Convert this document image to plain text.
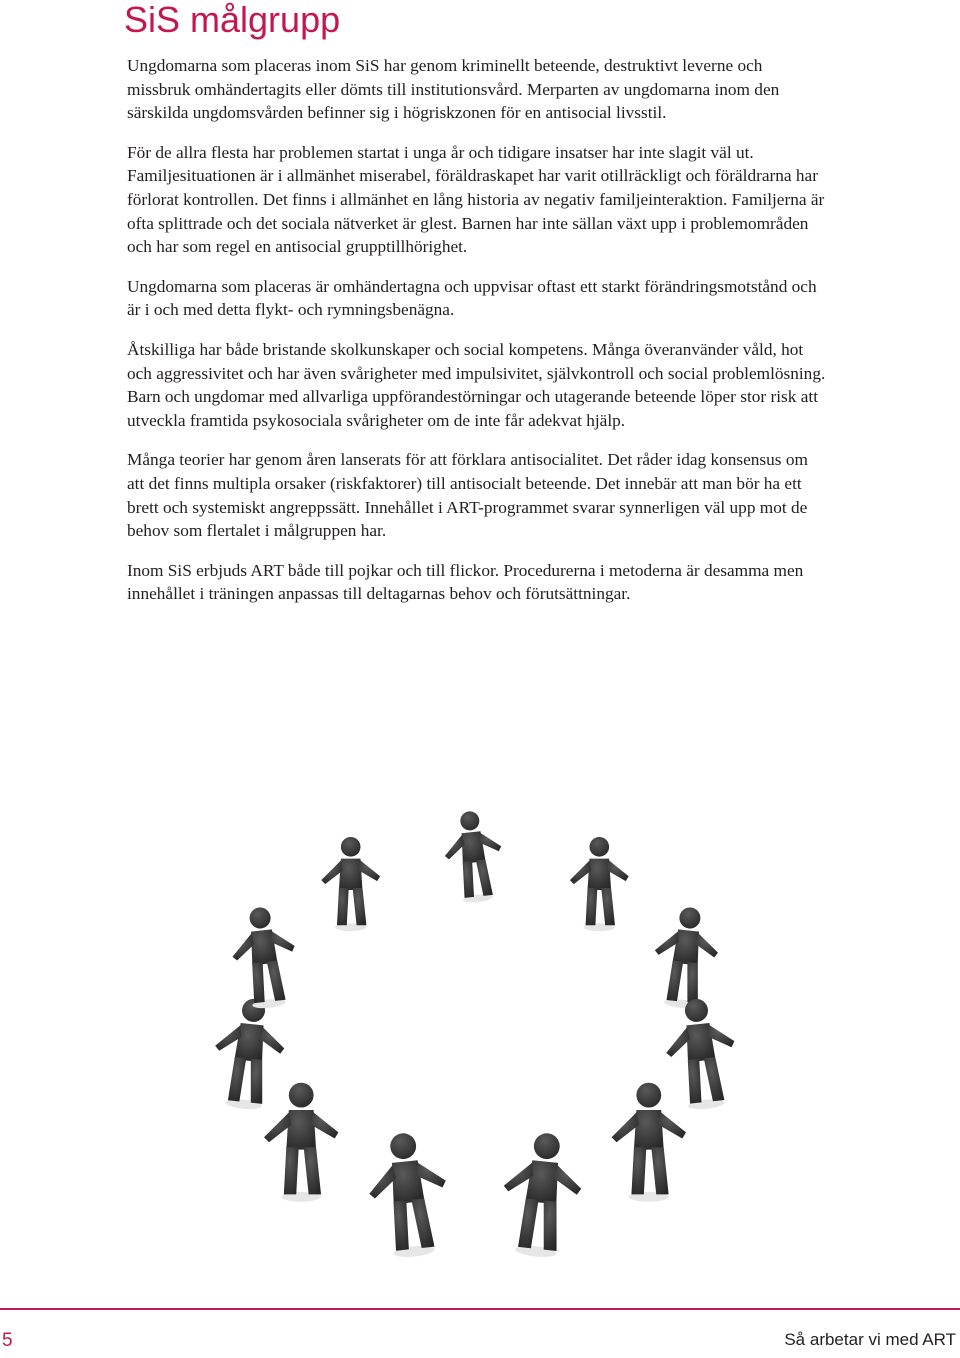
SiS målgrupp

Ungdomarna som placeras inom SiS har genom kriminellt beteende, destruktivt leverne och missbruk omhändertagits eller dömts till institutionsvård. Merparten av ungdomarna inom den särskilda ungdomsvården befinner sig i högriskzonen för en antisocial livsstil.

För de allra flesta har problemen startat i unga år och tidigare insatser har inte slagit väl ut. Familjesituationen är i allmänhet miserabel, föräldraskapet har varit otillräckligt och föräldrarna har förlorat kontrollen. Det finns i allmänhet en lång historia av negativ familjeinteraktion. Familjerna är ofta splittrade och det sociala nätverket är glest. Barnen har inte sällan växt upp i problemområden och har som regel en antisocial grupptillhörighet.

Ungdomarna som placeras är omhändertagna och uppvisar oftast ett starkt förändringsmotstånd och är i och med detta flykt- och rymningsbenägna.

Åtskilliga har både bristande skolkunskaper och social kompetens. Många överanvänder våld, hot och aggressivitet och har även svårigheter med impulsivitet, självkontroll och social problemlösning. Barn och ungdomar med allvarliga uppförandestörningar och utagerande beteende löper stor risk att utveckla framtida psykosociala svårigheter om de inte får adekvat hjälp.

Många teorier har genom åren lanserats för att förklara antisocialitet. Det råder idag konsensus om att det finns multipla orsaker (riskfaktorer) till antisocialt beteende. Det innebär att man bör ha ett brett och systemiskt angreppssätt. Innehållet i ART-programmet svarar synnerligen väl upp mot de behov som flertalet i målgruppen har.

Inom SiS erbjuds ART både till pojkar och till flickor. Procedurerna i metoderna är desamma men innehållet i träningen anpassas till deltagarnas behov och förutsättningar.

5	Så arbetar vi med ART
